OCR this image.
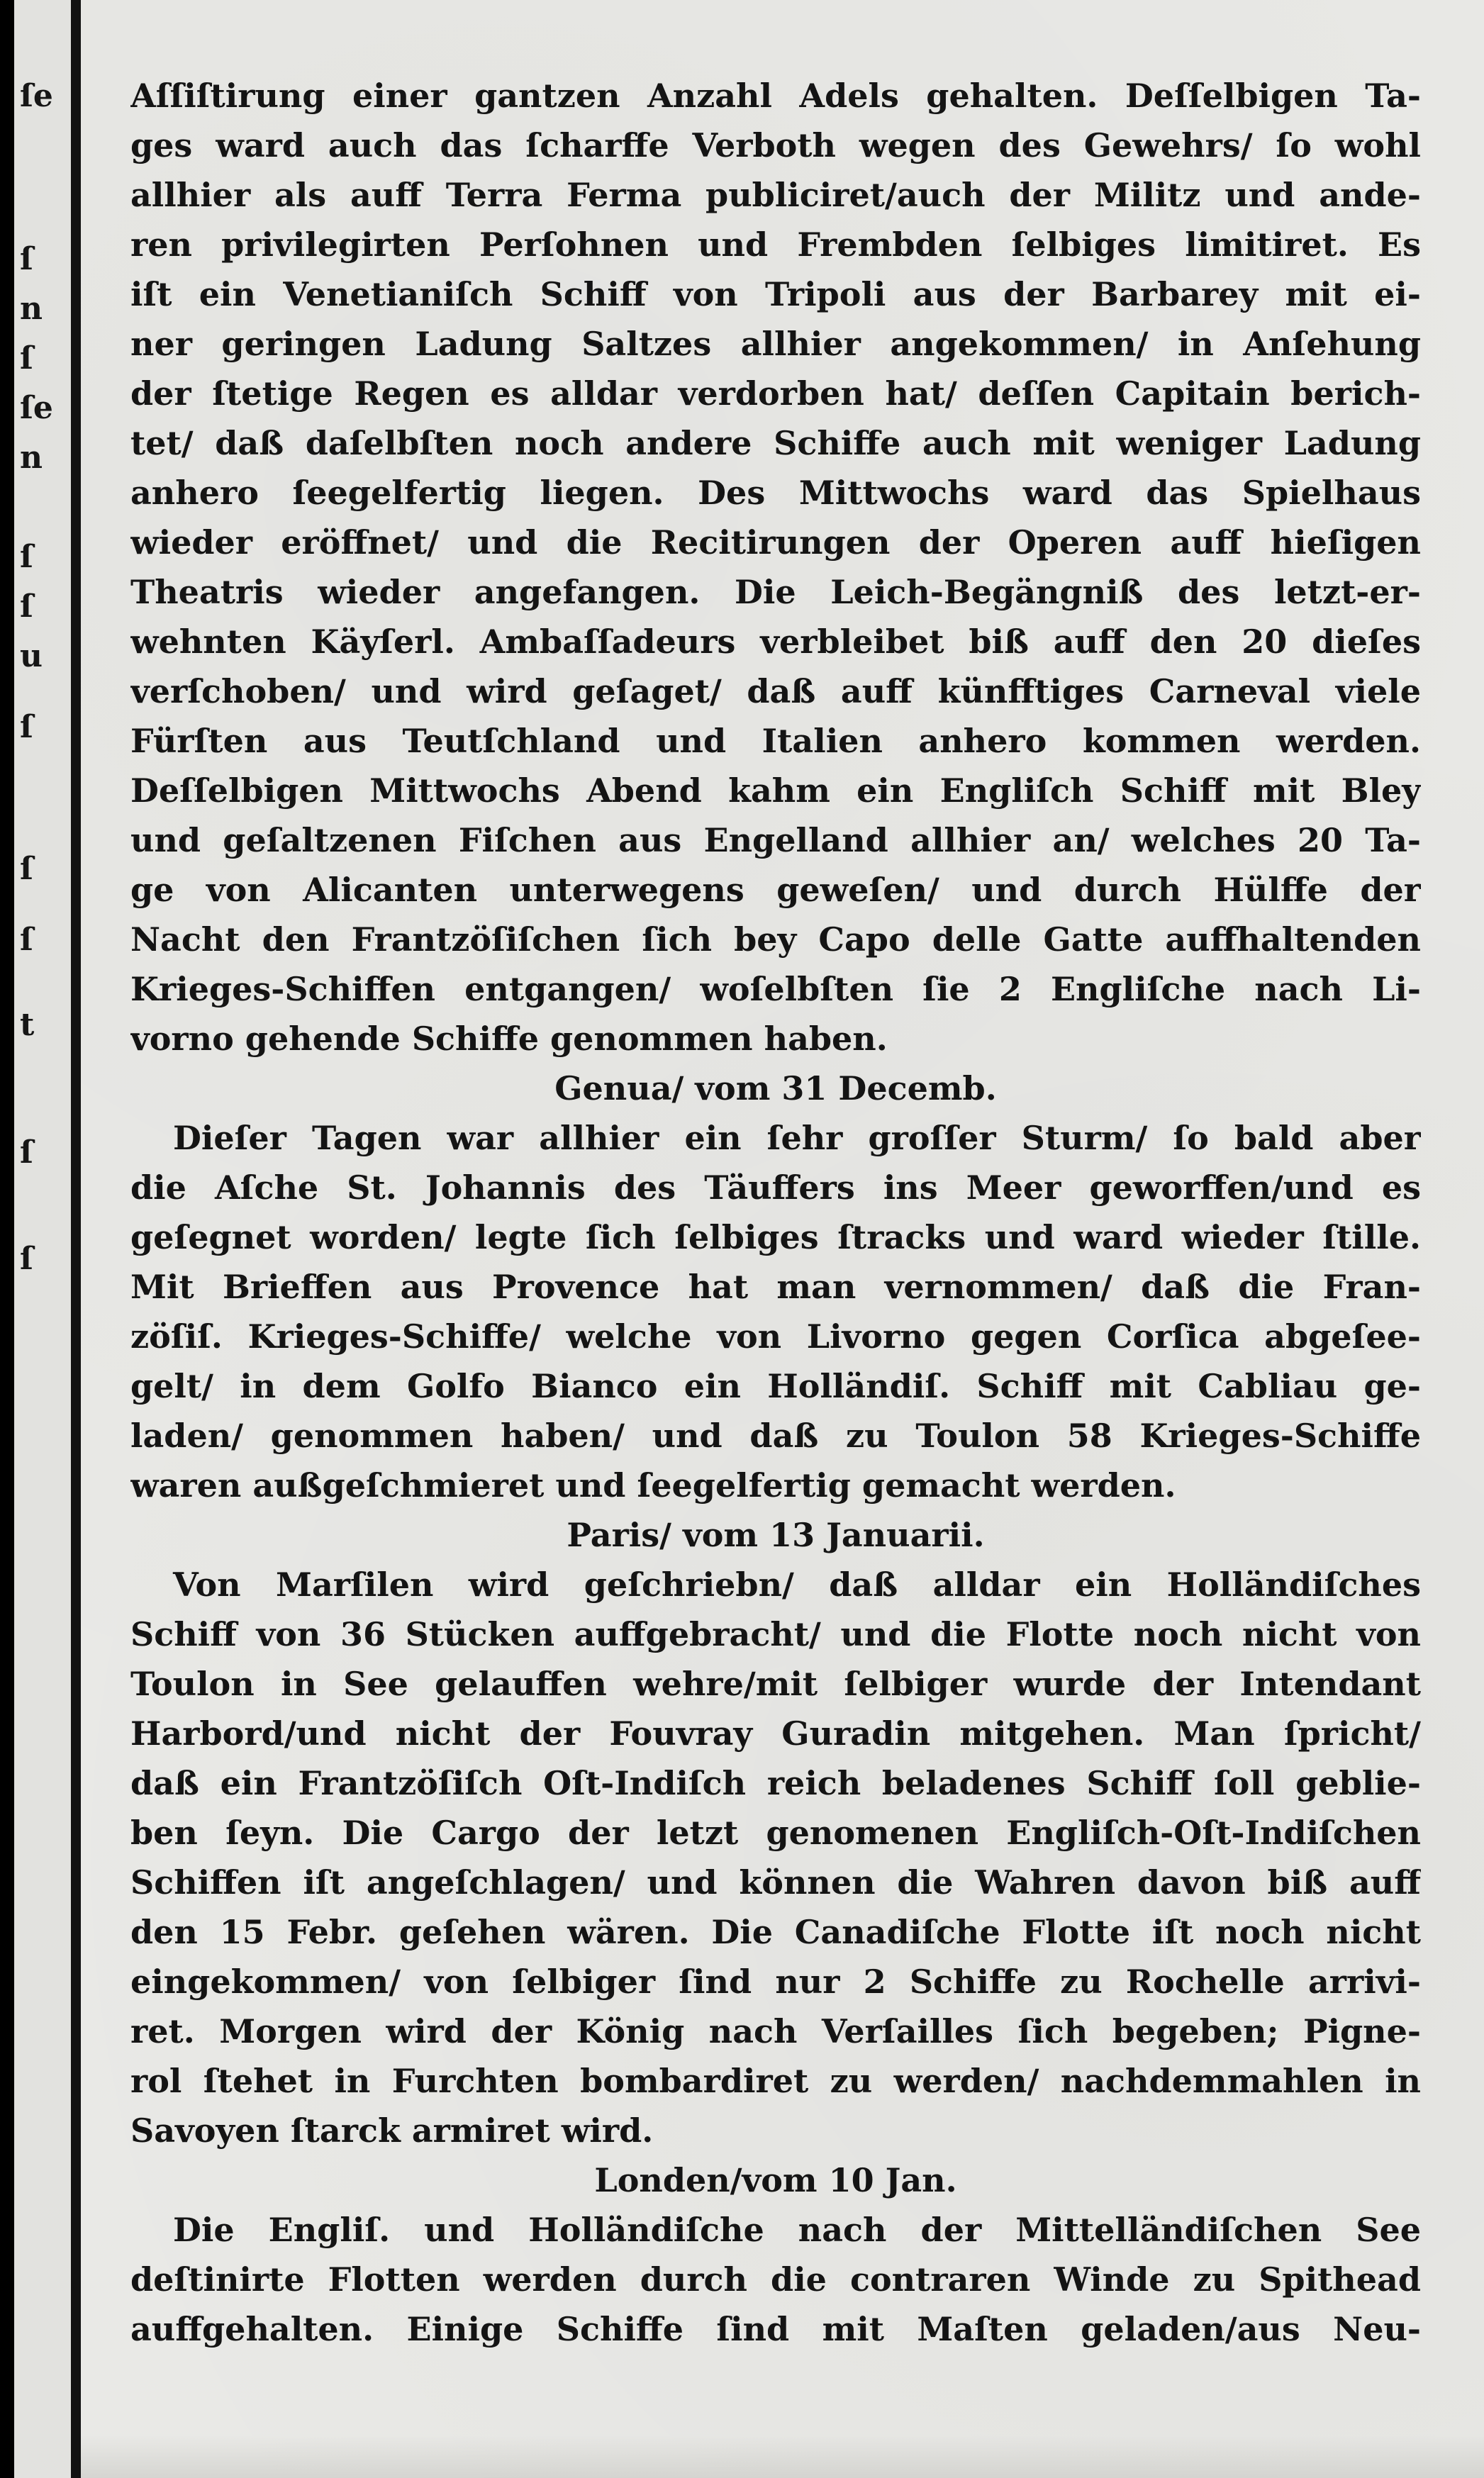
ſe
ſ
n
ſ
ſe
n
ſ
ſ
u
ſ
ſ
ſ
t
ſ
ſ
Aſſiſtirung einer gantzen Anzahl Adels gehalten. Deſſelbigen Ta-
ges ward auch das ſcharffe Verboth wegen des Gewehrs/ ſo wohl
allhier als auff Terra Ferma publiciret/auch der Militz und ande-
ren privilegirten Perſohnen und Frembden ſelbiges limitiret. Es
iſt ein Venetianiſch Schiff von Tripoli aus der Barbarey mit ei-
ner geringen Ladung Saltzes allhier angekommen/ in Anſehung
der ſtetige Regen es alldar verdorben hat/ deſſen Capitain berich-
tet/ daß daſelbſten noch andere Schiffe auch mit weniger Ladung
anhero ſeegelfertig liegen. Des Mittwochs ward das Spielhaus
wieder eröffnet/ und die Recitirungen der Operen auff hieſigen
Theatris wieder angefangen. Die Leich-Begängniß des letzt-er-
wehnten Käyſerl. Ambaſſadeurs verbleibet biß auff den 20 dieſes
verſchoben/ und wird geſaget/ daß auff künfftiges Carneval viele
Fürſten aus Teutſchland und Italien anhero kommen werden.
Deſſelbigen Mittwochs Abend kahm ein Engliſch Schiff mit Bley
und geſaltzenen Fiſchen aus Engelland allhier an/ welches 20 Ta-
ge von Alicanten unterwegens geweſen/ und durch Hülffe der
Nacht den Frantzöſiſchen ſich bey Capo delle Gatte auffhaltenden
Krieges-Schiffen entgangen/ woſelbſten ſie 2 Engliſche nach Li-
vorno gehende Schiffe genommen haben.
Genua/ vom 31 Decemb.
Dieſer Tagen war allhier ein ſehr groſſer Sturm/ ſo bald aber
die Aſche St. Johannis des Täuffers ins Meer geworffen/und es
geſegnet worden/ legte ſich ſelbiges ſtracks und ward wieder ſtille.
Mit Brieffen aus Provence hat man vernommen/ daß die Fran-
zöſiſ. Krieges-Schiffe/ welche von Livorno gegen Corſica abgeſee-
gelt/ in dem Golfo Bianco ein Holländiſ. Schiff mit Cabliau ge-
laden/ genommen haben/ und daß zu Toulon 58 Krieges-Schiffe
waren außgeſchmieret und ſeegelfertig gemacht werden.
Paris/ vom 13 Januarii.
Von Marſilen wird geſchriebn/ daß alldar ein Holländiſches
Schiff von 36 Stücken auffgebracht/ und die Flotte noch nicht von
Toulon in See gelauffen wehre/mit ſelbiger wurde der Intendant
Harbord/und nicht der Fouvray Guradin mitgehen. Man ſpricht/
daß ein Frantzöſiſch Oſt-Indiſch reich beladenes Schiff ſoll geblie-
ben ſeyn. Die Cargo der letzt genomenen Engliſch-Oſt-Indiſchen
Schiffen iſt angeſchlagen/ und können die Wahren davon biß auff
den 15 Febr. geſehen wären. Die Canadiſche Flotte iſt noch nicht
eingekommen/ von ſelbiger ſind nur 2 Schiffe zu Rochelle arrivi-
ret. Morgen wird der König nach Verſailles ſich begeben; Pigne-
rol ſtehet in Furchten bombardiret zu werden/ nachdemmahlen in
Savoyen ſtarck armiret wird.
Londen/vom 10 Jan.
Die Engliſ. und Holländiſche nach der Mittelländiſchen See
deſtinirte Flotten werden durch die contraren Winde zu Spithead
auffgehalten. Einige Schiffe ſind mit Maſten geladen/aus Neu-
